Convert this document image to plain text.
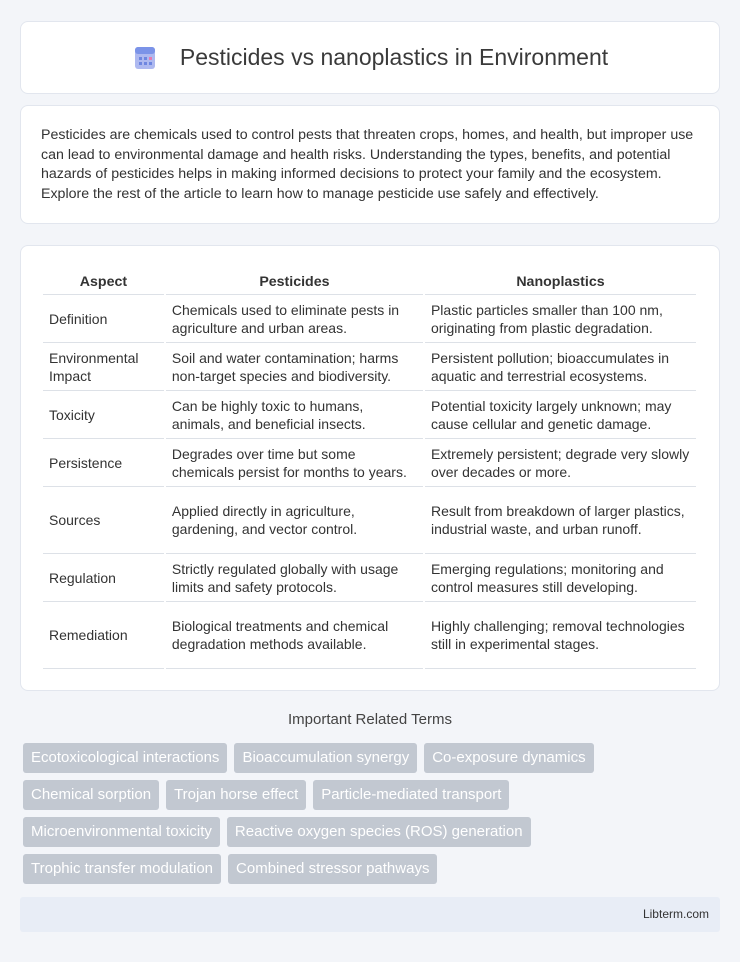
Pesticides vs nanoplastics in Environment

Pesticides are chemicals used to control pests that threaten crops, homes, and health, but improper use can lead to environmental damage and health risks. Understanding the types, benefits, and potential hazards of pesticides helps in making informed decisions to protect your family and the ecosystem. Explore the rest of the article to learn how to manage pesticide use safely and effectively.

Aspect	Pesticides	Nanoplastics
Definition	Chemicals used to eliminate pests in agriculture and urban areas.	Plastic particles smaller than 100 nm, originating from plastic degradation.
Environmental Impact	Soil and water contamination; harms non-target species and biodiversity.	Persistent pollution; bioaccumulates in aquatic and terrestrial ecosystems.
Toxicity	Can be highly toxic to humans, animals, and beneficial insects.	Potential toxicity largely unknown; may cause cellular and genetic damage.
Persistence	Degrades over time but some chemicals persist for months to years.	Extremely persistent; degrade very slowly over decades or more.
Sources	Applied directly in agriculture, gardening, and vector control.	Result from breakdown of larger plastics, industrial waste, and urban runoff.
Regulation	Strictly regulated globally with usage limits and safety protocols.	Emerging regulations; monitoring and control measures still developing.
Remediation	Biological treatments and chemical degradation methods available.	Highly challenging; removal technologies still in experimental stages.
Important Related Terms
Ecotoxicological interactions	Bioaccumulation synergy	Co-exposure dynamics
Chemical sorption	Trojan horse effect	Particle-mediated transport
Microenvironmental toxicity	Reactive oxygen species (ROS) generation
Trophic transfer modulation	Combined stressor pathways
Libterm.com
